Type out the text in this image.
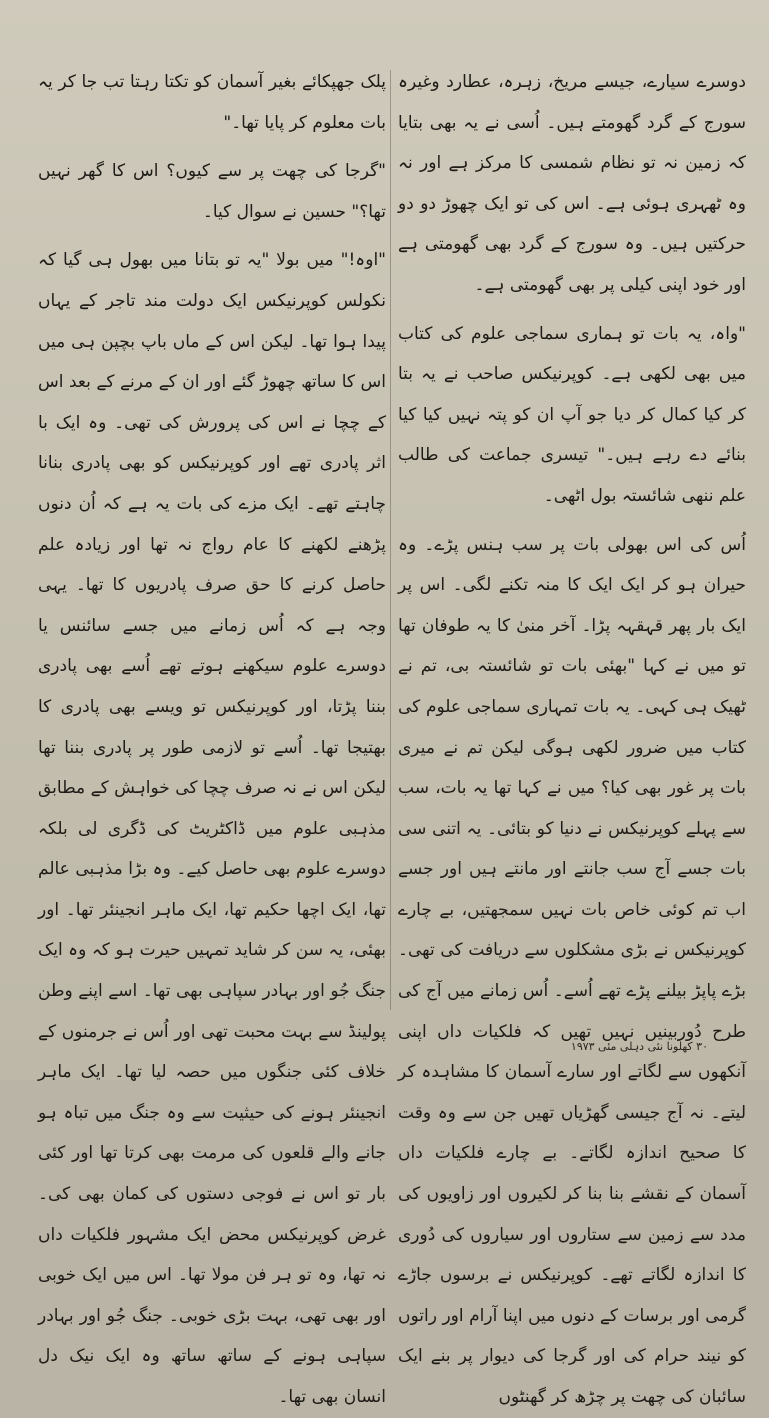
دوسرے سیارے، جیسے مریخ، زہرہ، عطارد وغیرہ سورج کے گرد گھومتے ہیں۔ اُسی نے یہ بھی بتایا کہ زمین نہ تو نظام شمسی کا مرکز ہے اور نہ وہ ٹھہری ہوئی ہے۔ اس کی تو ایک چھوڑ دو دو حرکتیں ہیں۔ وہ سورج کے گرد بھی گھومتی ہے اور خود اپنی کیلی پر بھی گھومتی ہے۔

"واہ، یہ بات تو ہماری سماجی علوم کی کتاب میں بھی لکھی ہے۔ کوپرنیکس صاحب نے یہ بتا کر کیا کمال کر دیا جو آپ ان کو پتہ نہیں کیا کیا بنائے دے رہے ہیں۔" تیسری جماعت کی طالب علم ننھی شائستہ بول اٹھی۔

اُس کی اس بھولی بات پر سب ہنس پڑے۔ وہ حیران ہو کر ایک ایک کا منہ تکنے لگی۔ اس پر ایک بار پھر قہقہہ پڑا۔ آخر منیٰ کا یہ طوفان تھا تو میں نے کہا "بھئی بات تو شائستہ بی، تم نے ٹھیک ہی کہی۔ یہ بات تمہاری سماجی علوم کی کتاب میں ضرور لکھی ہوگی لیکن تم نے میری بات پر غور بھی کیا؟ میں نے کہا تھا یہ بات، سب سے پہلے کوپرنیکس نے دنیا کو بتائی۔ یہ اتنی سی بات جسے آج سب جانتے اور مانتے ہیں اور جسے اب تم کوئی خاص بات نہیں سمجھتیں، بے چارے کوپرنیکس نے بڑی مشکلوں سے دریافت کی تھی۔ بڑے پاپڑ بیلنے پڑے تھے اُسے۔ اُس زمانے میں آج کی طرح دُوربینیں نہیں تھیں کہ فلکیات داں اپنی آنکھوں سے لگاتے اور سارے آسمان کا مشاہدہ کر لیتے۔ نہ آج جیسی گھڑیاں تھیں جن سے وہ وقت کا صحیح اندازہ لگاتے۔ بے چارے فلکیات داں آسمان کے نقشے بنا بنا کر لکیروں اور زاویوں کی مدد سے زمین سے ستاروں اور سیاروں کی دُوری کا اندازہ لگاتے تھے۔ کوپرنیکس نے برسوں جاڑے گرمی اور برسات کے دنوں میں اپنا آرام اور راتوں کو نیند حرام کی اور گرجا کی دیوار پر بنے ایک سائبان کی چھت پر چڑھ کر گھنٹوں

پلک جھپکائے بغیر آسمان کو تکتا رہتا تب جا کر یہ بات معلوم کر پایا تھا۔"

"گرجا کی چھت پر سے کیوں؟ اس کا گھر نہیں تھا؟" حسین نے سوال کیا۔

"اوہ!" میں بولا "یہ تو بتانا میں بھول ہی گیا کہ نکولس کوپرنیکس ایک دولت مند تاجر کے یہاں پیدا ہوا تھا۔ لیکن اس کے ماں باپ بچپن ہی میں اس کا ساتھ چھوڑ گئے اور ان کے مرنے کے بعد اس کے چچا نے اس کی پرورش کی تھی۔ وہ ایک با اثر پادری تھے اور کوپرنیکس کو بھی پادری بنانا چاہتے تھے۔ ایک مزے کی بات یہ ہے کہ اُن دنوں پڑھنے لکھنے کا عام رواج نہ تھا اور زیادہ علم حاصل کرنے کا حق صرف پادریوں کا تھا۔ یہی وجہ ہے کہ اُس زمانے میں جسے سائنس یا دوسرے علوم سیکھنے ہوتے تھے اُسے بھی پادری بننا پڑتا، اور کوپرنیکس تو ویسے بھی پادری کا بھتیجا تھا۔ اُسے تو لازمی طور پر پادری بننا تھا لیکن اس نے نہ صرف چچا کی خواہش کے مطابق مذہبی علوم میں ڈاکٹریٹ کی ڈگری لی بلکہ دوسرے علوم بھی حاصل کیے۔ وہ بڑا مذہبی عالم تھا، ایک اچھا حکیم تھا، ایک ماہر انجینئر تھا۔ اور بھئی، یہ سن کر شاید تمہیں حیرت ہو کہ وہ ایک جنگ جُو اور بہادر سپاہی بھی تھا۔ اسے اپنے وطن پولینڈ سے بہت محبت تھی اور اُس نے جرمنوں کے خلاف کئی جنگوں میں حصہ لیا تھا۔ ایک ماہر انجینئر ہونے کی حیثیت سے وہ جنگ میں تباہ ہو جانے والے قلعوں کی مرمت بھی کرتا تھا اور کئی بار تو اس نے فوجی دستوں کی کمان بھی کی۔ غرض کوپرنیکس محض ایک مشہور فلکیات داں نہ تھا، وہ تو ہر فن مولا تھا۔ اس میں ایک خوبی اور بھی تھی، بہت بڑی خوبی۔ جنگ جُو اور بہادر سپاہی ہونے کے ساتھ ساتھ وہ ایک نیک دل انسان بھی تھا۔

۳۰ کھلونا نئی دہلی مئی ۱۹۷۳
